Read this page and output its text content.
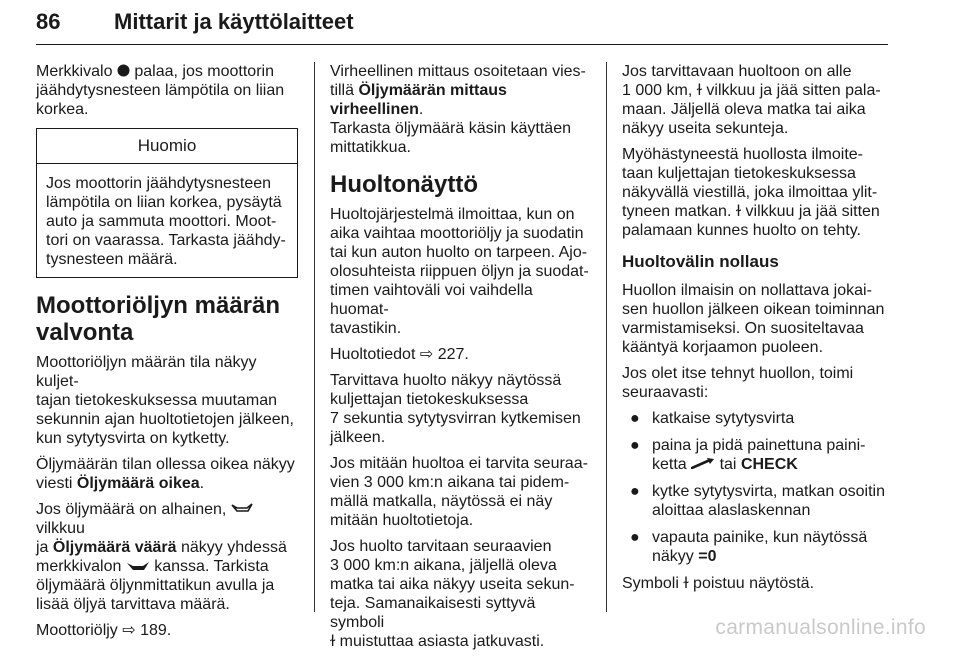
86 Mittarit ja käyttölaitteet

Merkkivalo  palaa, jos moottorin
jäähdytysnesteen lämpötila on liian
korkea.

Huomio
Jos moottorin jäähdytysnesteen
lämpötila on liian korkea, pysäytä
auto ja sammuta moottori. Moot-
tori on vaarassa. Tarkasta jäähdy-
tysnesteen määrä.
Moottoriöljyn määrän
valvonta

Moottoriöljyn määrän tila näkyy kuljet-
tajan tietokeskuksessa muutaman
sekunnin ajan huoltotietojen jälkeen,
kun sytytysvirta on kytketty.

Öljymäärän tilan ollessa oikea näkyy
viesti Öljymäärä oikea.

Jos öljymäärä on alhainen,  vilkkuu
ja Öljymäärä väärä näkyy yhdessä
merkkivalon  kanssa. Tarkista
öljymäärä öljynmittatikun avulla ja
lisää öljyä tarvittava määrä.

Moottoriöljy ⇨ 189.

Virheellinen mittaus osoitetaan vies-
tillä Öljymäärän mittaus virheellinen.
Tarkasta öljymäärä käsin käyttäen
mittatikkua.

Huoltonäyttö

Huoltojärjestelmä ilmoittaa, kun on
aika vaihtaa moottoriöljy ja suodatin
tai kun auton huolto on tarpeen. Ajo-
olosuhteista riippuen öljyn ja suodat-
timen vaihtoväli voi vaihdella huomat-
tavastikin.

Huoltotiedot ⇨ 227.

Tarvittava huolto näkyy näytössä
kuljettajan tietokeskuksessa
7 sekuntia sytytysvirran kytkemisen
jälkeen.

Jos mitään huoltoa ei tarvita seuraa-
vien 3 000 km:n aikana tai pidem-
mällä matkalla, näytössä ei näy
mitään huoltotietoja.

Jos huolto tarvitaan seuraavien
3 000 km:n aikana, jäljellä oleva
matka tai aika näkyy useita sekun-
teja. Samanaikaisesti syttyvä symboli
ɫ muistuttaa asiasta jatkuvasti.

Jos tarvittavaan huoltoon on alle
1 000 km, ɫ vilkkuu ja jää sitten pala-
maan. Jäljellä oleva matka tai aika
näkyy useita sekunteja.

Myöhästyneestä huollosta ilmoite-
taan kuljettajan tietokeskuksessa
näkyvällä viestillä, joka ilmoittaa ylit-
tyneen matkan. ɫ vilkkuu ja jää sitten
palamaan kunnes huolto on tehty.

Huoltovälin nollaus

Huollon ilmaisin on nollattava jokai-
sen huollon jälkeen oikean toiminnan
varmistamiseksi. On suositeltavaa
kääntyä korjaamon puoleen.

Jos olet itse tehnyt huollon, toimi
seuraavasti:

● katkaise sytytysvirta
● paina ja pidä painettuna paini-
ketta  tai CHECK
● kytke sytytysvirta, matkan osoitin
aloittaa alaslaskennan
● vapauta painike, kun näytössä
näkyy =0

Symboli ɫ poistuu näytöstä.

carmanualsonline.info
